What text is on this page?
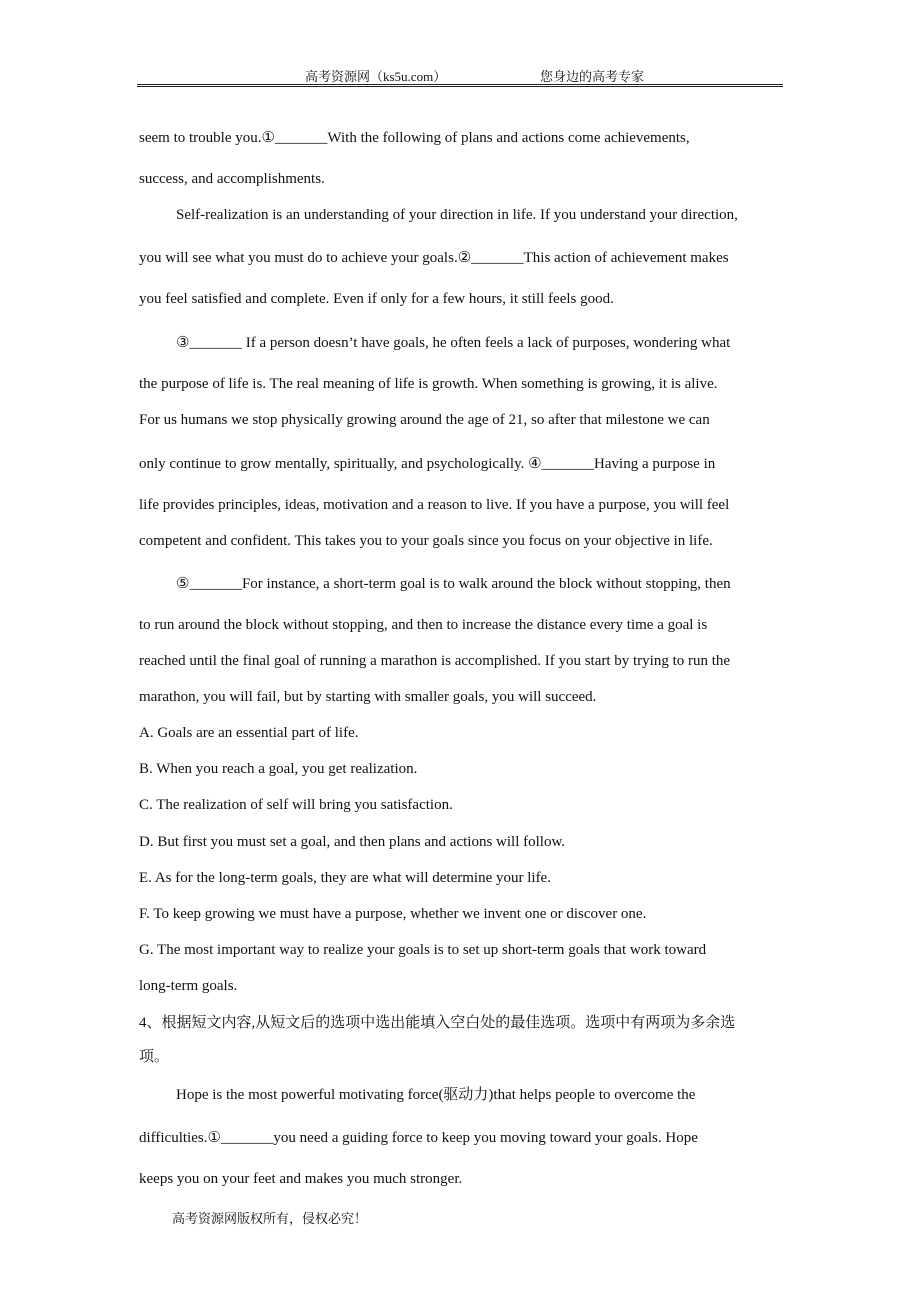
高考资源网（ks5u.com）	您身边的高考专家
seem to trouble you.①_______With the following of plans and actions come achievements,
success, and accomplishments.
Self-realization is an understanding of your direction in life. If you understand your direction,
you will see what you must do to achieve your goals.②_______This action of achievement makes
you feel satisfied and complete. Even if only for a few hours, it still feels good.
③_______ If a person doesn’t have goals, he often feels a lack of purposes, wondering what
the purpose of life is. The real meaning of life is growth. When something is growing, it is alive.
For us humans we stop physically growing around the age of 21, so after that milestone we can
only continue to grow mentally, spiritually, and psychologically. ④_______Having a purpose in
life provides principles, ideas, motivation and a reason to live. If you have a purpose, you will feel
competent and confident. This takes you to your goals since you focus on your objective in life.
⑤_______For instance, a short-term goal is to walk around the block without stopping, then
to run around the block without stopping, and then to increase the distance every time a goal is
reached until the final goal of running a marathon is accomplished. If you start by trying to run the
marathon, you will fail, but by starting with smaller goals, you will succeed.
A. Goals are an essential part of life.
B. When you reach a goal, you get realization.
C. The realization of self will bring you satisfaction.
D. But first you must set a goal, and then plans and actions will follow.
E. As for the long-term goals, they are what will determine your life.
F. To keep growing we must have a purpose, whether we invent one or discover one.
G. The most important way to realize your goals is to set up short-term goals that work toward
long-term goals.
4、根据短文内容,从短文后的选项中选出能填入空白处的最佳选项。选项中有两项为多余选
项。
Hope is the most powerful motivating force(驱动力)that helps people to overcome the
difficulties.①_______you need a guiding force to keep you moving toward your goals. Hope
keeps you on your feet and makes you much stronger.
高考资源网版权所有，侵权必究！
